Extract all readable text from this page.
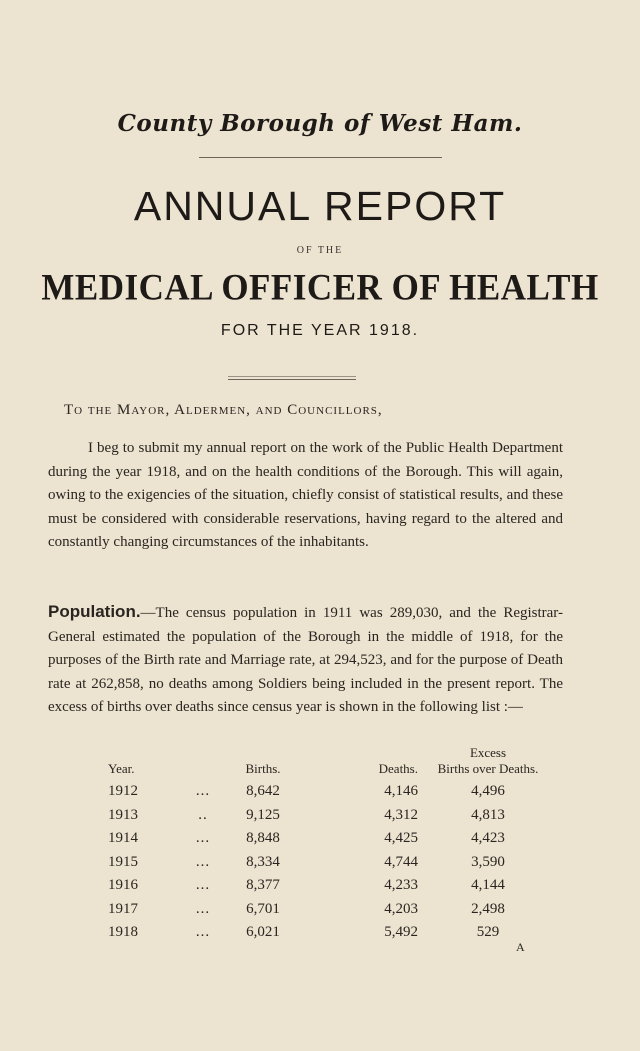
County Borough of West Ham.
ANNUAL REPORT
OF THE
MEDICAL OFFICER OF HEALTH
FOR THE YEAR 1918.
To the Mayor, Aldermen, and Councillors,
I beg to submit my annual report on the work of the Public Health Department during the year 1918, and on the health conditions of the Borough. This will again, owing to the exigencies of the situation, chiefly consist of statistical results, and these must be considered with considerable reservations, having regard to the altered and constantly changing circumstances of the inhabitants.
Population.—The census population in 1911 was 289,030, and the Registrar-General estimated the population of the Borough in the middle of 1918, for the purposes of the Birth rate and Marriage rate, at 294,523, and for the purpose of Death rate at 262,858, no deaths among Soldiers being included in the present report. The excess of births over deaths since census year is shown in the following list :—
Year.		Births.	Deaths.	Excess
Births over Deaths.

1912	...	8,642	4,146	4,496
1913	..	9,125	4,312	4,813
1914	...	8,848	4,425	4,423
1915	...	8,334	4,744	3,590
1916	...	8,377	4,233	4,144
1917	...	6,701	4,203	2,498
1918	...	6,021	5,492	529
A
